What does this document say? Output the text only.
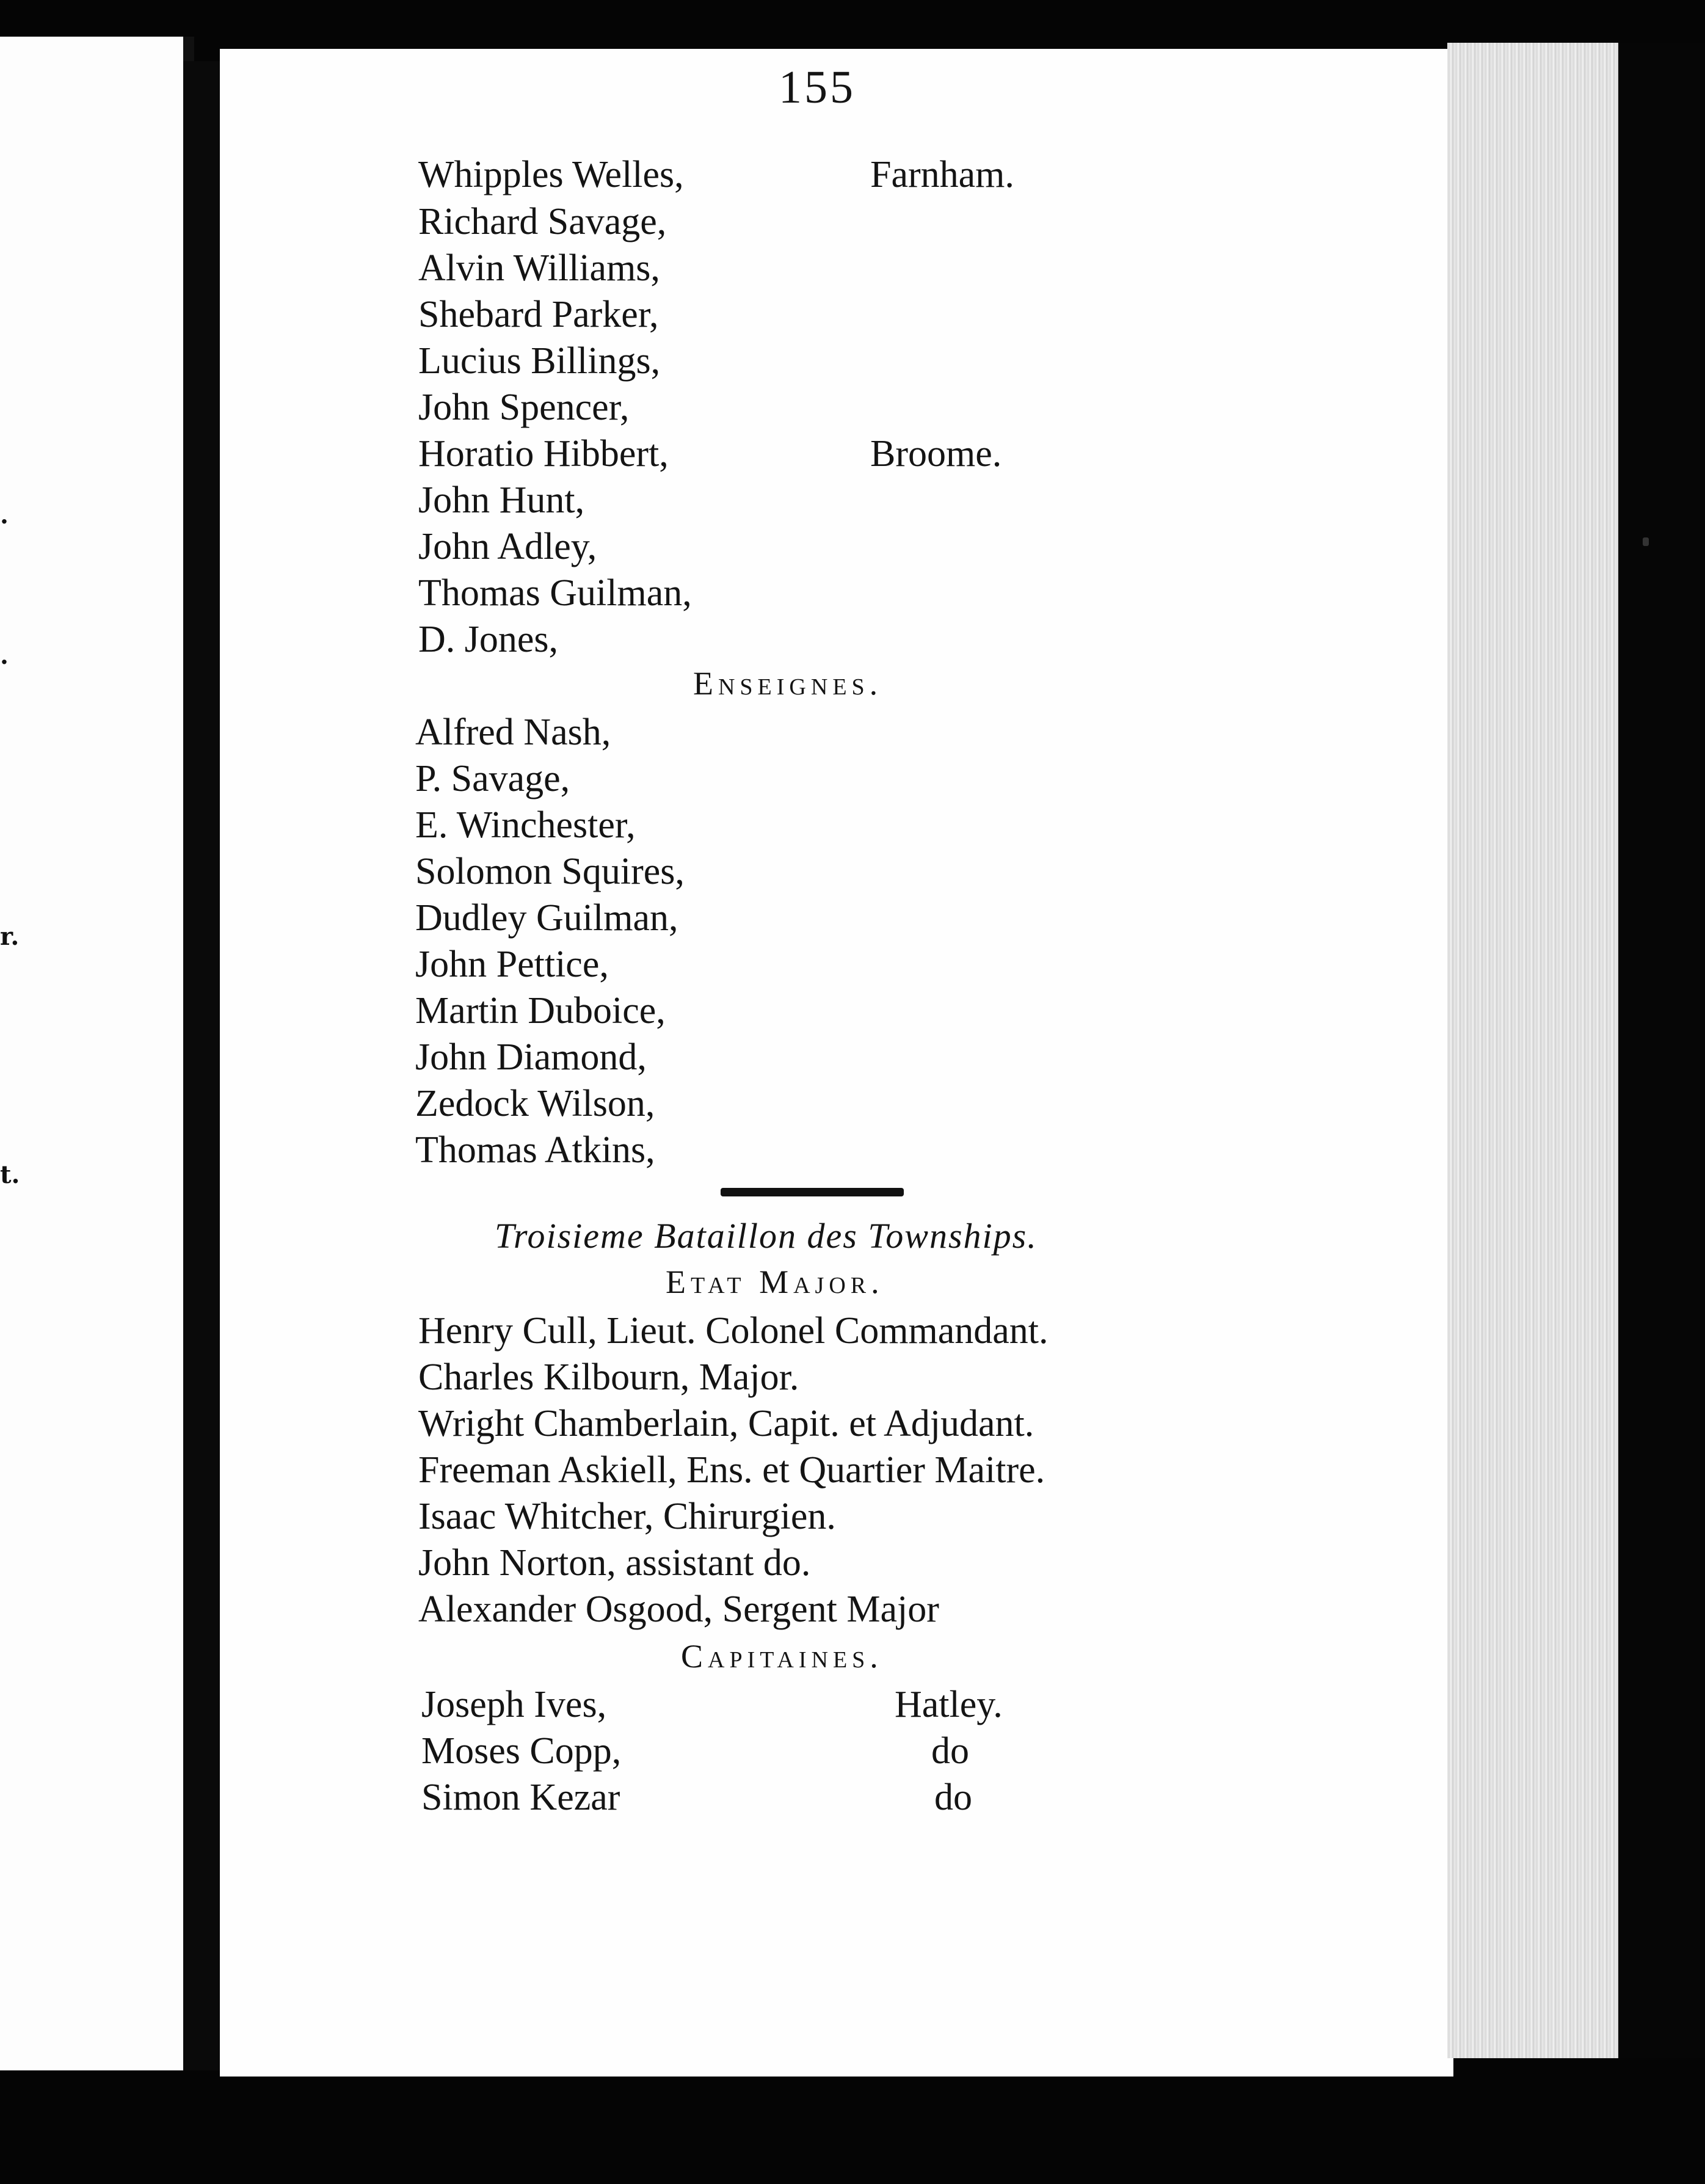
.
.
r.
t.
155
Whipples Welles,	Farnham.
Richard Savage,
Alvin Williams,
Shebard Parker,
Lucius Billings,
John Spencer,
Horatio Hibbert,	Broome.
John Hunt,
John Adley,
Thomas Guilman,
D. Jones,
Enseignes.
Alfred Nash,
P. Savage,
E. Winchester,
Solomon Squires,
Dudley Guilman,
John Pettice,
Martin Duboice,
John Diamond,
Zedock Wilson,
Thomas Atkins,
Troisieme Bataillon des Townships.
Etat Major.
Henry Cull, Lieut. Colonel Commandant.
Charles Kilbourn, Major.
Wright Chamberlain, Capit. et Adjudant.
Freeman Askiell, Ens. et Quartier Maitre.
Isaac Whitcher, Chirurgien.
John Norton, assistant do.
Alexander Osgood, Sergent Major
Capitaines.
Joseph Ives,	Hatley.
Moses Copp,	do
Simon Kezar	do
